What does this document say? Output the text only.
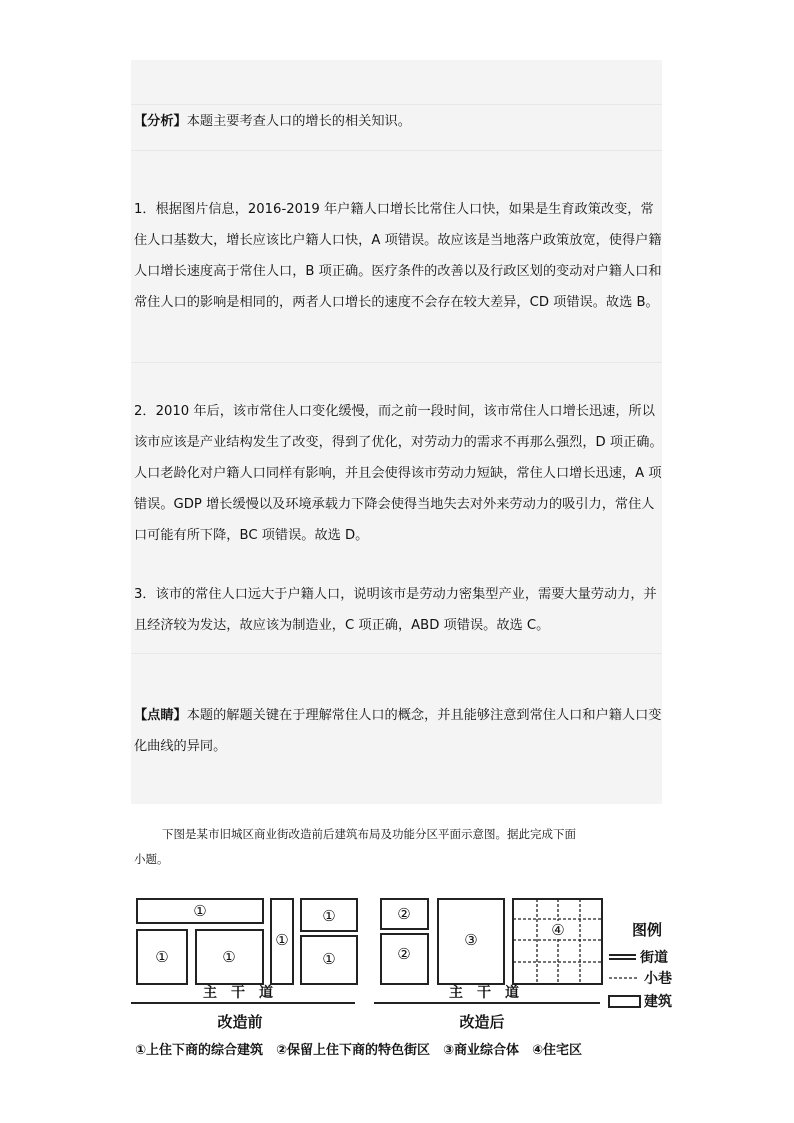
【分析】本题主要考查人口的增长的相关知识。
1．根据图片信息，2016-2019 年户籍人口增长比常住人口快，如果是生育政策改变，常住人口基数大，增长应该比户籍人口快，A 项错误。故应该是当地落户政策放宽，使得户籍人口增长速度高于常住人口，B 项正确。医疗条件的改善以及行政区划的变动对户籍人口和常住人口的影响是相同的，两者人口增长的速度不会存在较大差异，CD 项错误。故选 B。
2．2010 年后，该市常住人口变化缓慢，而之前一段时间，该市常住人口增长迅速，所以该市应该是产业结构发生了改变，得到了优化，对劳动力的需求不再那么强烈，D 项正确。人口老龄化对户籍人口同样有影响，并且会使得该市劳动力短缺，常住人口增长迅速，A 项错误。GDP 增长缓慢以及环境承载力下降会使得当地失去对外来劳动力的吸引力，常住人口可能有所下降，BC 项错误。故选 D。
3．该市的常住人口远大于户籍人口，说明该市是劳动力密集型产业，需要大量劳动力，并且经济较为发达，故应该为制造业，C 项正确，ABD 项错误。故选 C。
【点睛】本题的解题关键在于理解常住人口的概念，并且能够注意到常住人口和户籍人口变化曲线的异同。
下图是某市旧城区商业街改造前后建筑布局及功能分区平面示意图。据此完成下面
小题。
①
①	①
①
①
①
②
②
③
④
主　干　道	主　干　道
改造前	改造后
图例
街道
小巷
建筑
①上住下商的综合建筑　②保留上住下商的特色街区　③商业综合体　④住宅区
